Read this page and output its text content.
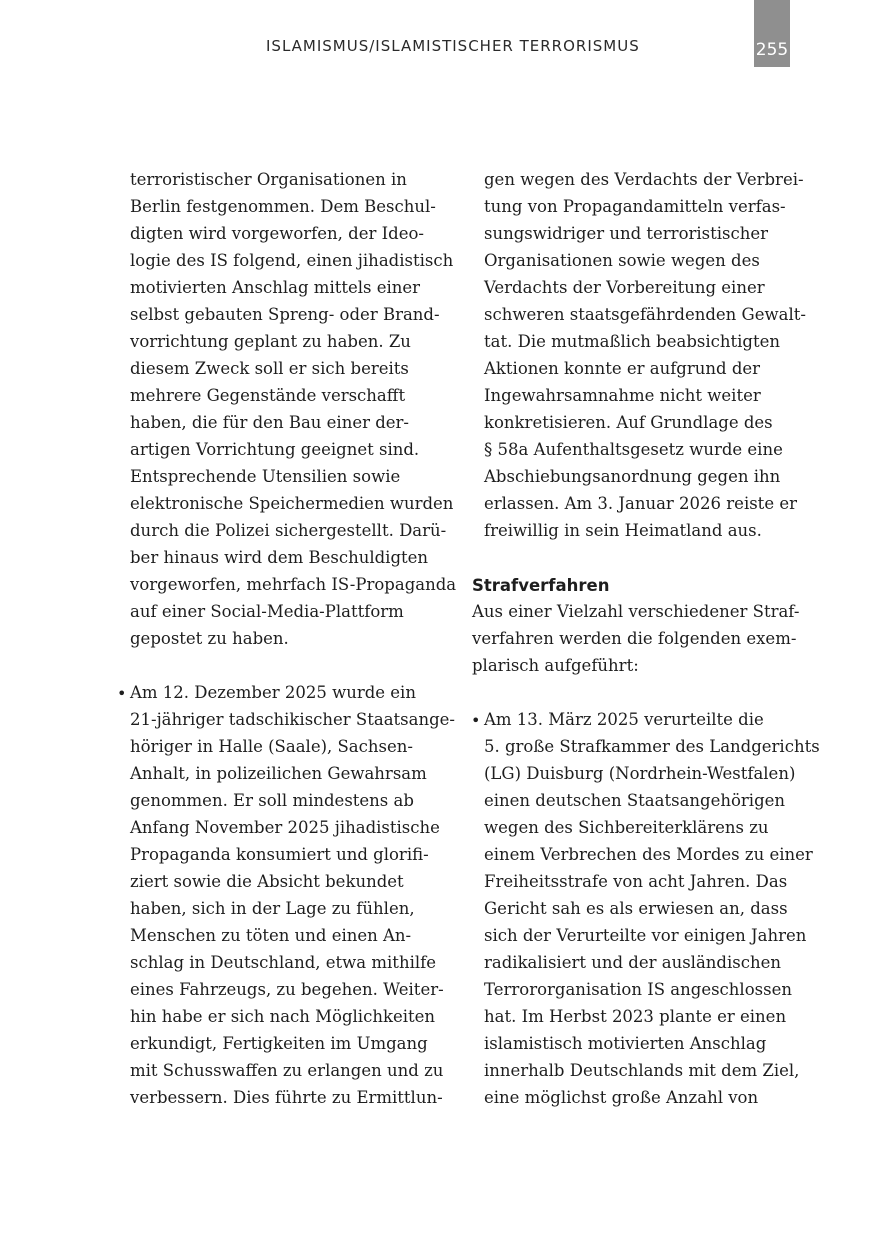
ISLAMISMUS/ISLAMISTISCHER TERRORISMUS	255
terroristischer Organisationen in
Berlin festgenommen. Dem Beschul-
digten wird vorgeworfen, der Ideo-
logie des IS folgend, einen jihadistisch
motivierten Anschlag mittels einer
selbst gebauten Spreng- oder Brand-
vorrichtung geplant zu haben. Zu
diesem Zweck soll er sich bereits
mehrere Gegenstände verschafft
haben, die für den Bau einer der-
artigen Vorrichtung geeignet sind.
Entsprechende Utensilien sowie
elektronische Speichermedien wurden
durch die Polizei sichergestellt. Darü-
ber hinaus wird dem Beschuldigten
vorgeworfen, mehrfach IS-Propaganda
auf einer Social-Media-Plattform
gepostet zu haben.
• Am 12. Dezember 2025 wurde ein
21-jähriger tadschikischer Staatsange-
höriger in Halle (Saale), Sachsen-
Anhalt, in polizeilichen Gewahrsam
genommen. Er soll mindestens ab
Anfang November 2025 jihadistische
Propaganda konsumiert und glorifi-
ziert sowie die Absicht bekundet
haben, sich in der Lage zu fühlen,
Menschen zu töten und einen An-
schlag in Deutschland, etwa mithilfe
eines Fahrzeugs, zu begehen. Weiter-
hin habe er sich nach Möglichkeiten
erkundigt, Fertigkeiten im Umgang
mit Schusswaffen zu erlangen und zu
verbessern. Dies führte zu Ermittlun-
gen wegen des Verdachts der Verbrei-
tung von Propagandamitteln verfas-
sungswidriger und terroristischer
Organisationen sowie wegen des
Verdachts der Vorbereitung einer
schweren staatsgefährdenden Gewalt-
tat. Die mutmaßlich beabsichtigten
Aktionen konnte er aufgrund der
Ingewahrsamnahme nicht weiter
konkretisieren. Auf Grundlage des
§ 58a Aufenthaltsgesetz wurde eine
Abschiebungsanordnung gegen ihn
erlassen. Am 3. Januar 2026 reiste er
freiwillig in sein Heimatland aus.
Strafverfahren
Aus einer Vielzahl verschiedener Straf-
verfahren werden die folgenden exem-
plarisch aufgeführt:
• Am 13. März 2025 verurteilte die
5. große Strafkammer des Landgerichts
(LG) Duisburg (Nordrhein-Westfalen)
einen deutschen Staatsangehörigen
wegen des Sichbereiterklärens zu
einem Verbrechen des Mordes zu einer
Freiheitsstrafe von acht Jahren. Das
Gericht sah es als erwiesen an, dass
sich der Verurteilte vor einigen Jahren
radikalisiert und der ausländischen
Terrororganisation IS angeschlossen
hat. Im Herbst 2023 plante er einen
islamistisch motivierten Anschlag
innerhalb Deutschlands mit dem Ziel,
eine möglichst große Anzahl von
